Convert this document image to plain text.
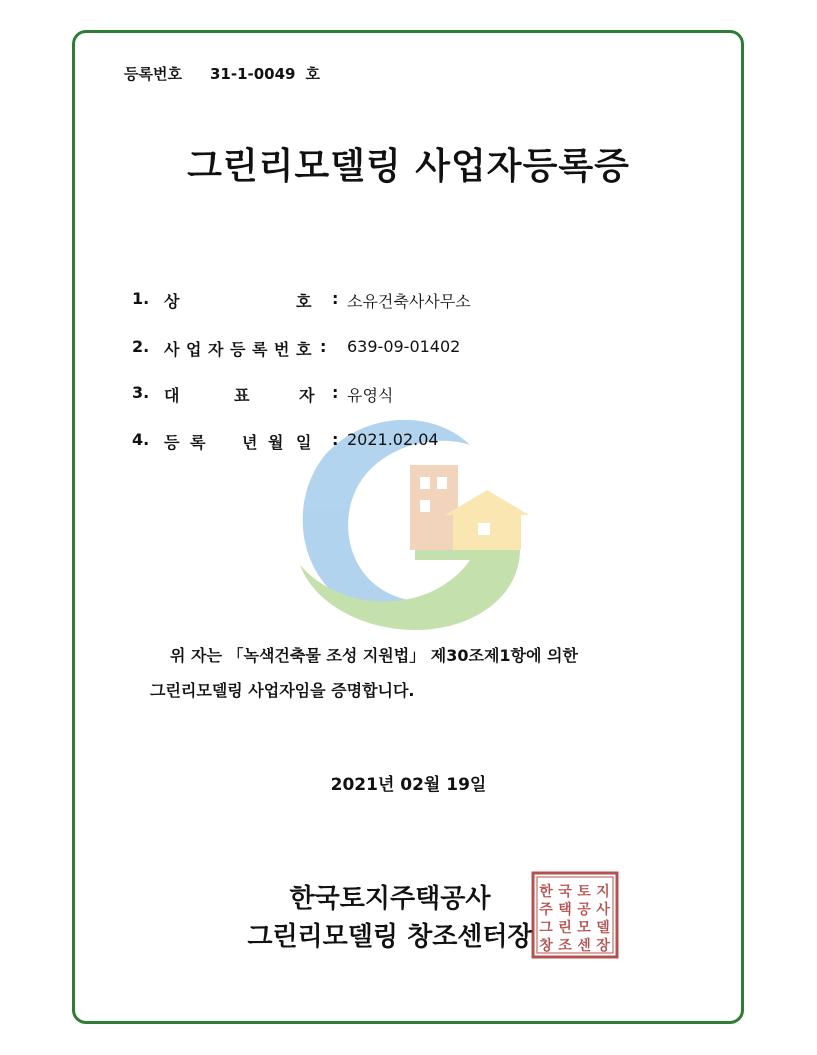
등록번호 31-1-0049 호
그린리모델링 사업자등록증
1. 상	호 : 소유건축사사무소
2. 사 업 자 등 록 번 호 : 639-09-01402
3. 대	표	자 : 유영식
4. 등 록 년 월 일 : 2021.02.04
위 자는 「녹색건축물 조성 지원법」 제30조제1항에 의한
그린리모델링 사업자임을 증명합니다.
2021년 02월 19일
한국토지주택공사
그린리모델링 창조센터장
한 국 토 지
주 택 공 사
그 린 모 델
창 조 센 장
